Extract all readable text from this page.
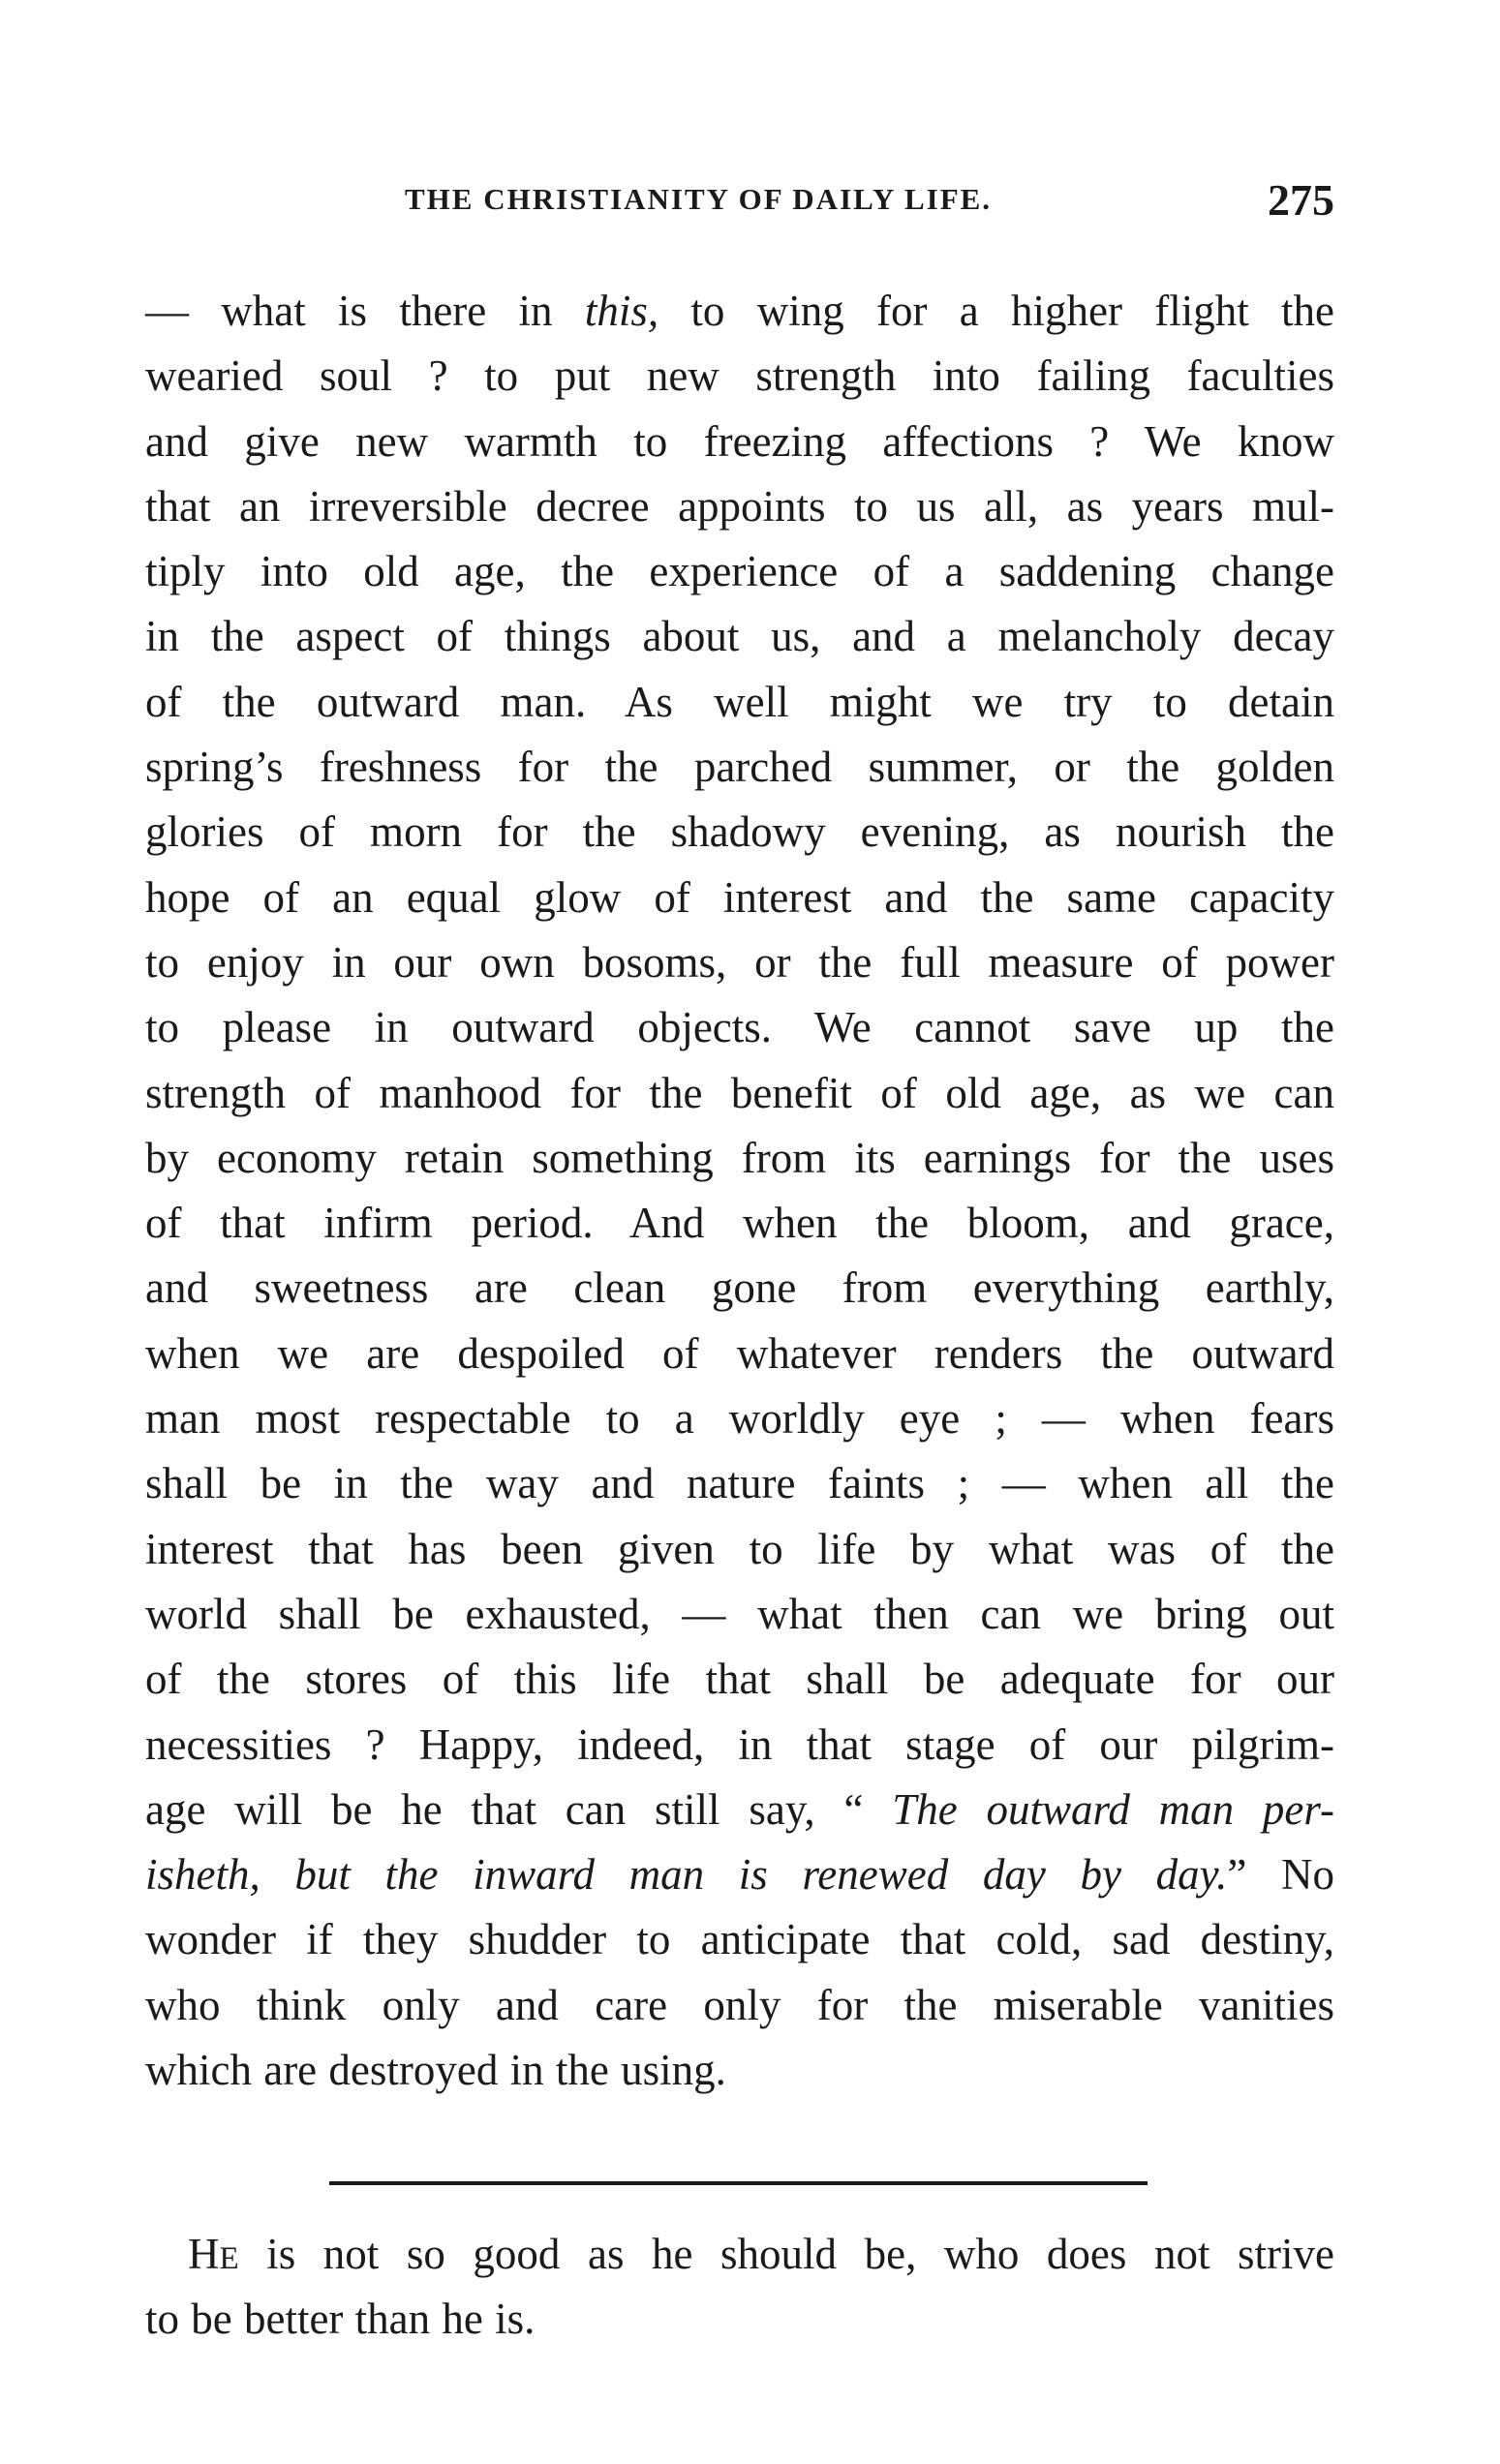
THE CHRISTIANITY OF DAILY LIFE.	275
— what is there in this, to wing for a higher flight the
wearied soul ? to put new strength into failing faculties
and give new warmth to freezing affections ? We know
that an irreversible decree appoints to us all, as years mul-
tiply into old age, the experience of a saddening change
in the aspect of things about us, and a melancholy decay
of the outward man. As well might we try to detain
spring’s freshness for the parched summer, or the golden
glories of morn for the shadowy evening, as nourish the
hope of an equal glow of interest and the same capacity
to enjoy in our own bosoms, or the full measure of power
to please in outward objects. We cannot save up the
strength of manhood for the benefit of old age, as we can
by economy retain something from its earnings for the uses
of that infirm period. And when the bloom, and grace,
and sweetness are clean gone from everything earthly,
when we are despoiled of whatever renders the outward
man most respectable to a worldly eye ; — when fears
shall be in the way and nature faints ; — when all the
interest that has been given to life by what was of the
world shall be exhausted, — what then can we bring out
of the stores of this life that shall be adequate for our
necessities ? Happy, indeed, in that stage of our pilgrim-
age will be he that can still say, “ The outward man per-
isheth, but the inward man is renewed day by day.” No
wonder if they shudder to anticipate that cold, sad destiny,
who think only and care only for the miserable vanities
which are destroyed in the using.
HE is not so good as he should be, who does not strive
to be better than he is.
